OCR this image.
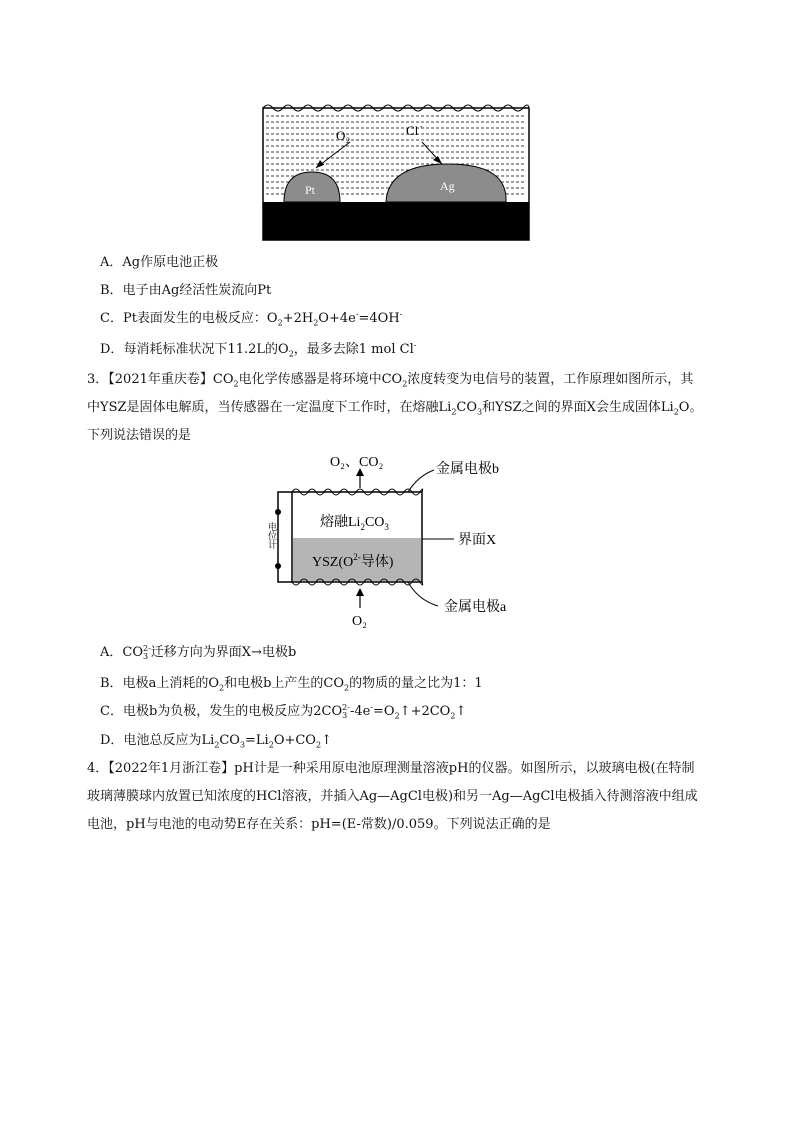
O 2
Cl -
Pt	Ag
A．Ag作原电池正极
B．电子由Ag经活性炭流向Pt
C．Pt表面发生的电极反应：$O_2+2H_2O+4e^-=4OH^-$
D．每消耗标准状况下11.2L的$O_2$，最多去除1 mol Cl-
3．【2021年重庆卷】$CO_2$电化学传感器是将环境中$CO_2$浓度转变为电信号的装置，工作原理如图所示，其中YSZ是固体电解质，当传感器在一定温度下工作时，在熔融$Li_2CO_3$和YSZ之间的界面X会生成固体$Li_2O$。下列说法错误的是
电位计
O₂、CO₂	金属电极b
熔融$Li_2CO_3$
界面X
$YSZ(O^{2-}$导体)
金属电极a
O₂
A．CO 2-
3 迁移方向为界面X→电极b
B．电极a上消耗的$O_2$和电极b上产生的$CO_2$的物质的量之比为1：1
C．电极b为负极，发生的电极反应为2CO 2-
3 $-4e^-=O_2↑+2CO_2↑$
D．电池总反应为$Li_2CO_3=Li_2O+CO_2↑$
4．【2022年1月浙江卷】pH计是一种采用原电池原理测量溶液pH的仪器。如图所示，以玻璃电极(在特制玻璃薄膜球内放置已知浓度的HCl溶液，并插入Ag—AgCl电极)和另一Ag—AgCl电极插入待测溶液中组成电池，pH与电池的电动势E存在关系：pH=(E-常数)/0.059。下列说法正确的是
